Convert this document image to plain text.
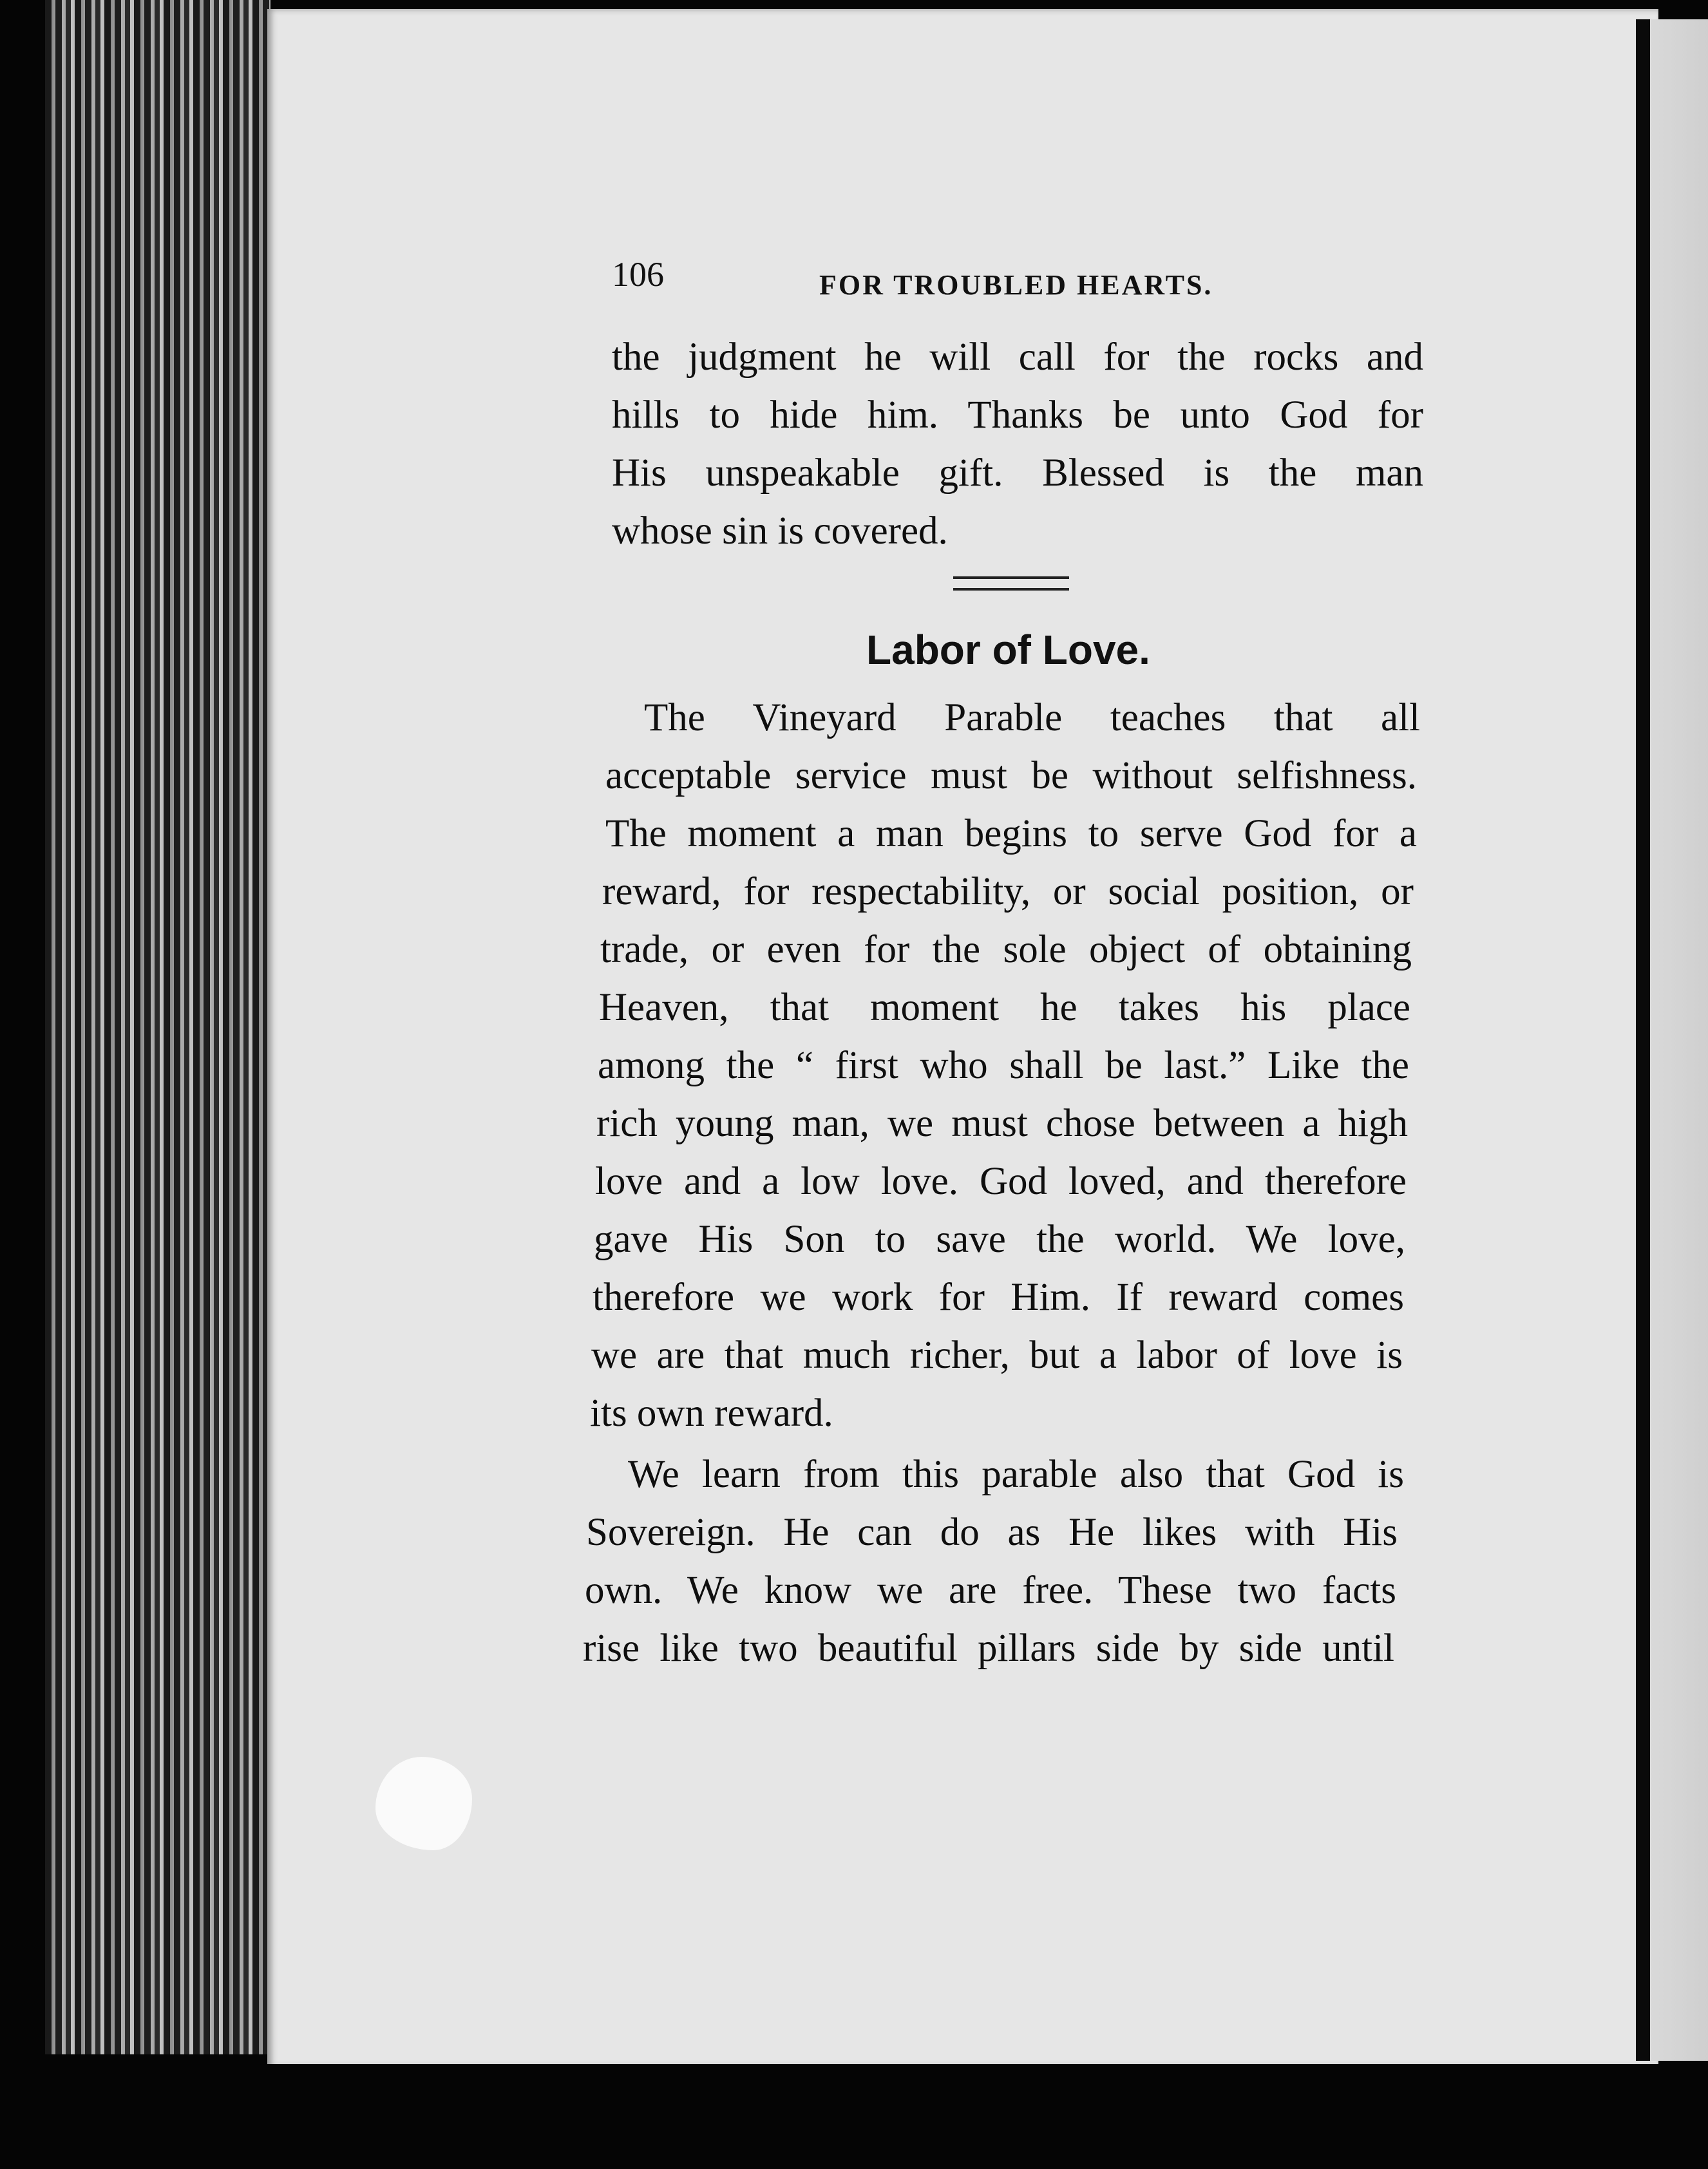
106	FOR TROUBLED HEARTS.
the judgment he will call for the rocks and
hills to hide him. Thanks be unto God for
His unspeakable gift. Blessed is the man
whose sin is covered.
Labor of Love.
The Vineyard Parable teaches that all
acceptable service must be without selfishness.
The moment a man begins to serve God for a
reward, for respectability, or social position, or
trade, or even for the sole object of obtaining
Heaven, that moment he takes his place
among the “ first who shall be last.” Like the
rich young man, we must chose between a high
love and a low love. God loved, and therefore
gave His Son to save the world. We love,
therefore we work for Him. If reward comes
we are that much richer, but a labor of love is
its own reward.
We learn from this parable also that God is
Sovereign. He can do as He likes with His
own. We know we are free. These two facts
rise like two beautiful pillars side by side until
